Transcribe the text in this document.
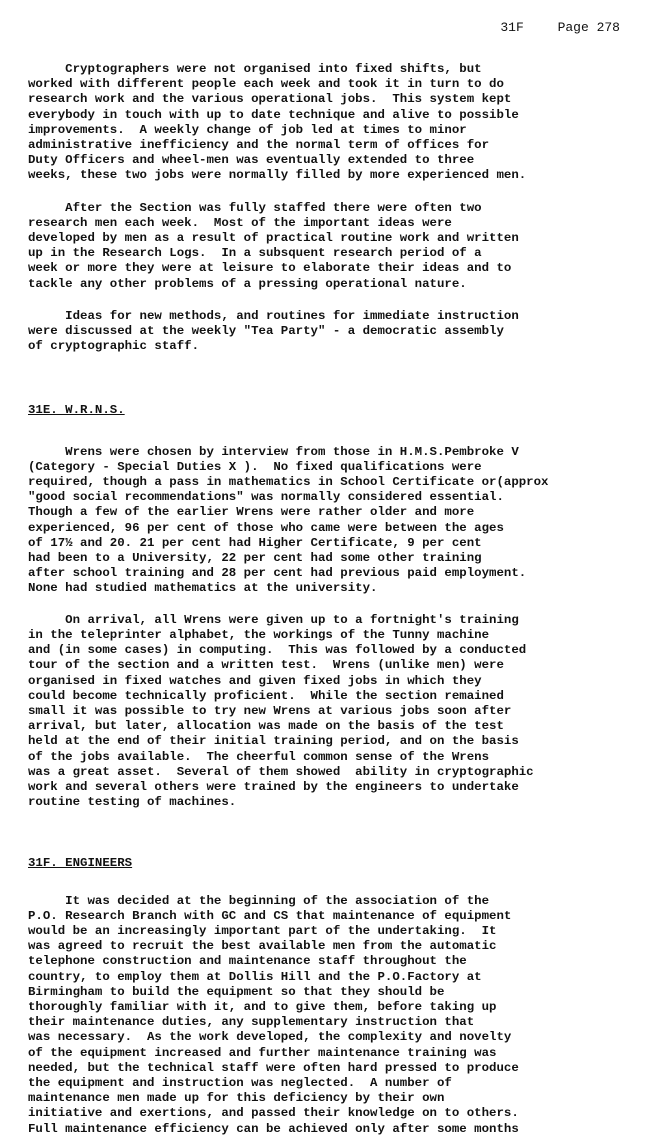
31F	Page 278

Cryptographers were not organised into fixed shifts, but

worked with different people each week and took it in turn to do

research work and the various operational jobs.  This system kept

everybody in touch with up to date technique and alive to possible

improvements.  A weekly change of job led at times to minor

administrative inefficiency and the normal term of offices for

Duty Officers and wheel-men was eventually extended to three

weeks, these two jobs were normally filled by more experienced men.

After the Section was fully staffed there were often two

research men each week.  Most of the important ideas were

developed by men as a result of practical routine work and written

up in the Research Logs.  In a subsquent research period of a

week or more they were at leisure to elaborate their ideas and to

tackle any other problems of a pressing operational nature.

Ideas for new methods, and routines for immediate instruction

were discussed at the weekly "Tea Party" - a democratic assembly

of cryptographic staff.

31E. W.R.N.S.

Wrens were chosen by interview from those in H.M.S.Pembroke V

(Category - Special Duties X ).  No fixed qualifications were

required, though a pass in mathematics in School Certificate or(approx

"good social recommendations" was normally considered essential.

Though a few of the earlier Wrens were rather older and more

experienced, 96 per cent of those who came were between the ages

of 17½ and 20. 21 per cent had Higher Certificate, 9 per cent

had been to a University, 22 per cent had some other training

after school training and 28 per cent had previous paid employment.

None had studied mathematics at the university.

On arrival, all Wrens were given up to a fortnight's training

in the teleprinter alphabet, the workings of the Tunny machine

and (in some cases) in computing.  This was followed by a conducted

tour of the section and a written test.  Wrens (unlike men) were

organised in fixed watches and given fixed jobs in which they

could become technically proficient.  While the section remained

small it was possible to try new Wrens at various jobs soon after

arrival, but later, allocation was made on the basis of the test

held at the end of their initial training period, and on the basis

of the jobs available.  The cheerful common sense of the Wrens

was a great asset.  Several of them showed  ability in cryptographic

work and several others were trained by the engineers to undertake

routine testing of machines.

31F. ENGINEERS

It was decided at the beginning of the association of the

P.O. Research Branch with GC and CS that maintenance of equipment

would be an increasingly important part of the undertaking.  It

was agreed to recruit the best available men from the automatic

telephone construction and maintenance staff throughout the

country, to employ them at Dollis Hill and the P.O.Factory at

Birmingham to build the equipment so that they should be

thoroughly familiar with it, and to give them, before taking up

their maintenance duties, any supplementary instruction that

was necessary.  As the work developed, the complexity and novelty

of the equipment increased and further maintenance training was

needed, but the technical staff were often hard pressed to produce

the equipment and instruction was neglected.  A number of

maintenance men made up for this deficiency by their own

initiative and exertions, and passed their knowledge on to others.

Full maintenance efficiency can be achieved only after some months
